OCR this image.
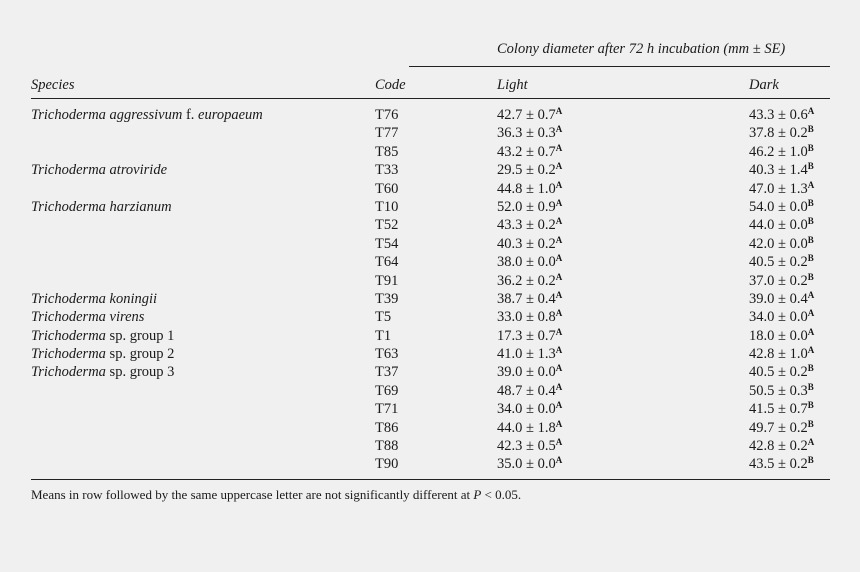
Colony diameter after 72 h incubation (mm ± SE)
Species	Code	Light	Dark
Trichoderma aggressivum f. europaeum	T76	$42.7 \pm 0.7^A$	$43.3 \pm 0.6^A$
T77	$36.3 \pm 0.3^A$	$37.8 \pm 0.2^B$
T85	$43.2 \pm 0.7^A$	$46.2 \pm 1.0^B$
Trichoderma atroviride	T33	$29.5 \pm 0.2^A$	$40.3 \pm 1.4^B$
T60	$44.8 \pm 1.0^A$	$47.0 \pm 1.3^A$
Trichoderma harzianum	T10	$52.0 \pm 0.9^A$	$54.0 \pm 0.0^B$
T52	$43.3 \pm 0.2^A$	$44.0 \pm 0.0^B$
T54	$40.3 \pm 0.2^A$	$42.0 \pm 0.0^B$
T64	$38.0 \pm 0.0^A$	$40.5 \pm 0.2^B$
T91	$36.2 \pm 0.2^A$	$37.0 \pm 0.2^B$
Trichoderma koningii	T39	$38.7 \pm 0.4^A$	$39.0 \pm 0.4^A$
Trichoderma virens	T5	$33.0 \pm 0.8^A$	$34.0 \pm 0.0^A$
Trichoderma sp. group 1	T1	$17.3 \pm 0.7^A$	$18.0 \pm 0.0^A$
Trichoderma sp. group 2	T63	$41.0 \pm 1.3^A$	$42.8 \pm 1.0^A$
Trichoderma sp. group 3	T37	$39.0 \pm 0.0^A$	$40.5 \pm 0.2^B$
T69	$48.7 \pm 0.4^A$	$50.5 \pm 0.3^B$
T71	$34.0 \pm 0.0^A$	$41.5 \pm 0.7^B$
T86	$44.0 \pm 1.8^A$	$49.7 \pm 0.2^B$
T88	$42.3 \pm 0.5^A$	$42.8 \pm 0.2^A$
T90	$35.0 \pm 0.0^A$	$43.5 \pm 0.2^B$
Means in row followed by the same uppercase letter are not significantly different at P < 0.05.
